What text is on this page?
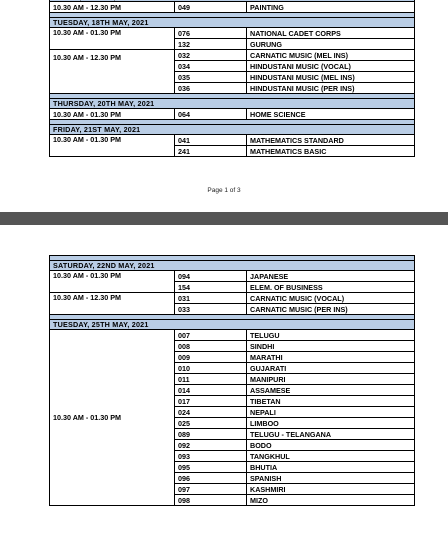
10.30 AM - 12.30 PM	049	PAINTING

TUESDAY, 18TH MAY, 2021		
10.30 AM - 01.30 PM	076	NATIONAL CADET CORPS
	132	GURUNG
10.30 AM - 12.30 PM	032	CARNATIC MUSIC (MEL INS)
	034	HINDUSTANI MUSIC (VOCAL)
	035	HINDUSTANI MUSIC (MEL INS)
	036	HINDUSTANI MUSIC (PER INS)

THURSDAY, 20TH MAY, 2021		
10.30 AM - 01.30 PM	064	HOME SCIENCE

FRIDAY, 21ST MAY, 2021		
10.30 AM - 01.30 PM	041	MATHEMATICS STANDARD
	241	MATHEMATICS BASIC
Page 1 of 3

SATURDAY, 22ND MAY, 2021		
10.30 AM - 01.30 PM	094	JAPANESE
	154	ELEM. OF BUSINESS
10.30 AM - 12.30 PM	031	CARNATIC MUSIC (VOCAL)
	033	CARNATIC MUSIC (PER INS)

TUESDAY, 25TH MAY, 2021		
10.30 AM - 01.30 PM	007	TELUGU
	008	SINDHI
	009	MARATHI
	010	GUJARATI
	011	MANIPURI
	014	ASSAMESE
	017	TIBETAN
	024	NEPALI
	025	LIMBOO
	089	TELUGU - TELANGANA
	092	BODO
	093	TANGKHUL
	095	BHUTIA
	096	SPANISH
	097	KASHMIRI
	098	MIZO
